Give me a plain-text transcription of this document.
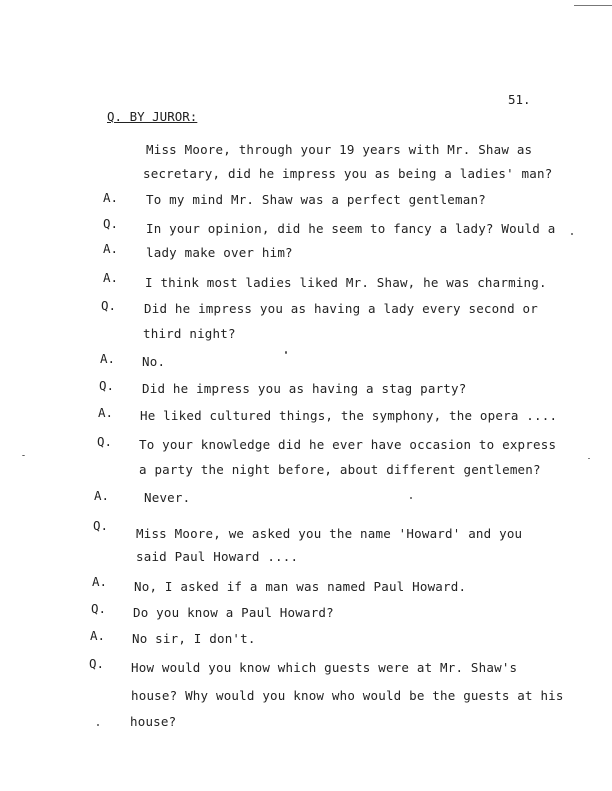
51.
Q. BY JUROR:
Miss Moore, through your 19 years with Mr. Shaw as
secretary, did he impress you as being a ladies' man?
A. To my mind Mr. Shaw was a perfect gentleman?
Q. In your opinion, did he seem to fancy a lady? Would a
A. lady make over him?
A. I think most ladies liked Mr. Shaw, he was charming.
Q. Did he impress you as having a lady every second or
third night?
A. No.
Q. Did he impress you as having a stag party?
A. He liked cultured things, the symphony, the opera ....
Q. To your knowledge did he ever have occasion to express
a party the night before, about different gentlemen?
A.	Never.
Q.
Miss Moore, we asked you the name 'Howard' and you
said Paul Howard ....
A. No, I asked if a man was named Paul Howard.
Q. Do you know a Paul Howard?
A. No sir, I don't.
Q. How would you know which guests were at Mr. Shaw's
house? Why would you know who would be the guests at his
house?
